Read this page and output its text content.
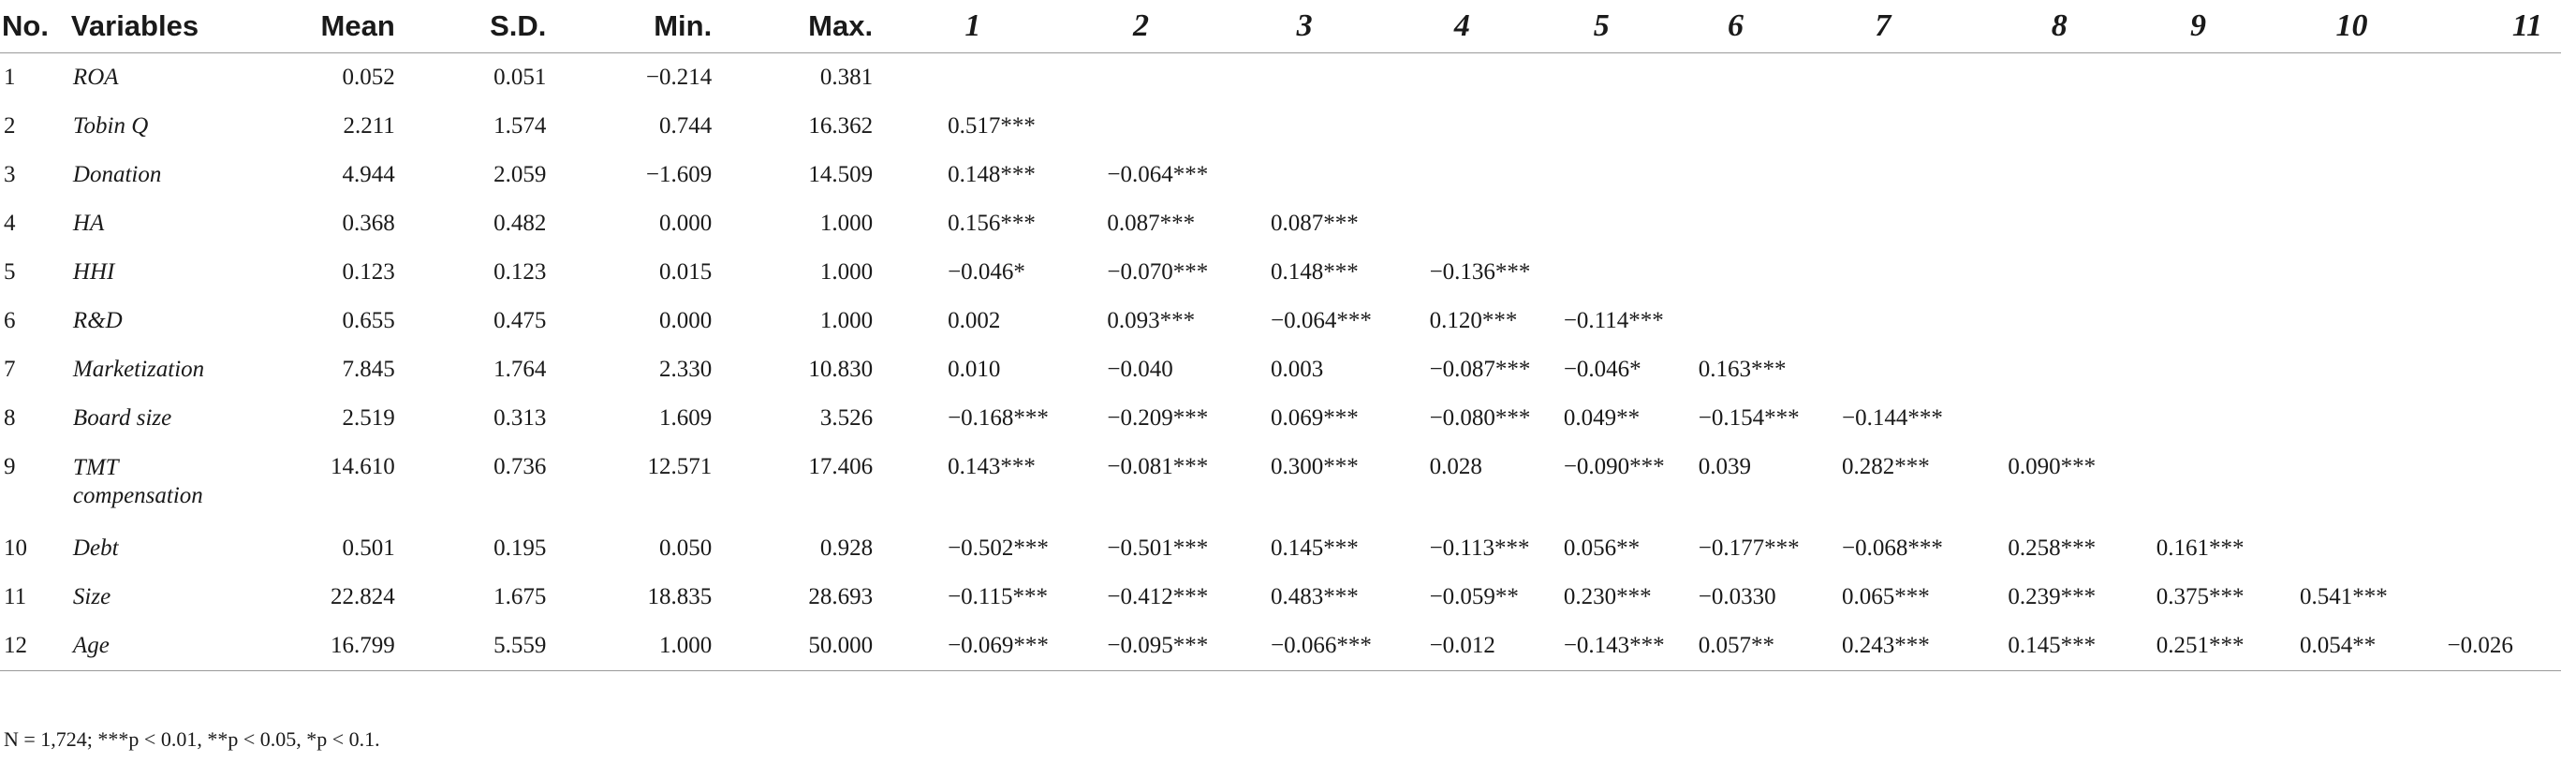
No.	Variables	Mean	S.D.	Min.	Max.	1	2	3	4	5	6	7	8	9	10	11
1	ROA	0.052	0.051	−0.214	0.381											
2	Tobin Q	2.211	1.574	0.744	16.362	0.517***										
3	Donation	4.944	2.059	−1.609	14.509	0.148***	−0.064***									
4	HA	0.368	0.482	0.000	1.000	0.156***	0.087***	0.087***								
5	HHI	0.123	0.123	0.015	1.000	−0.046*	−0.070***	0.148***	−0.136***							
6	R&D	0.655	0.475	0.000	1.000	0.002	0.093***	−0.064***	0.120***	−0.114***						
7	Marketization	7.845	1.764	2.330	10.830	0.010	−0.040	0.003	−0.087***	−0.046*	0.163***					
8	Board size	2.519	0.313	1.609	3.526	−0.168***	−0.209***	0.069***	−0.080***	0.049**	−0.154***	−0.144***				
9	TMT
compensation	14.610	0.736	12.571	17.406	0.143***	−0.081***	0.300***	0.028	−0.090***	0.039	0.282***	0.090***			
10	Debt	0.501	0.195	0.050	0.928	−0.502***	−0.501***	0.145***	−0.113***	0.056**	−0.177***	−0.068***	0.258***	0.161***		
11	Size	22.824	1.675	18.835	28.693	−0.115***	−0.412***	0.483***	−0.059**	0.230***	−0.0330	0.065***	0.239***	0.375***	0.541***	
12	Age	16.799	5.559	1.000	50.000	−0.069***	−0.095***	−0.066***	−0.012	−0.143***	0.057**	0.243***	0.145***	0.251***	0.054**	−0.026
N = 1,724; ***p < 0.01, **p < 0.05, *p < 0.1.
